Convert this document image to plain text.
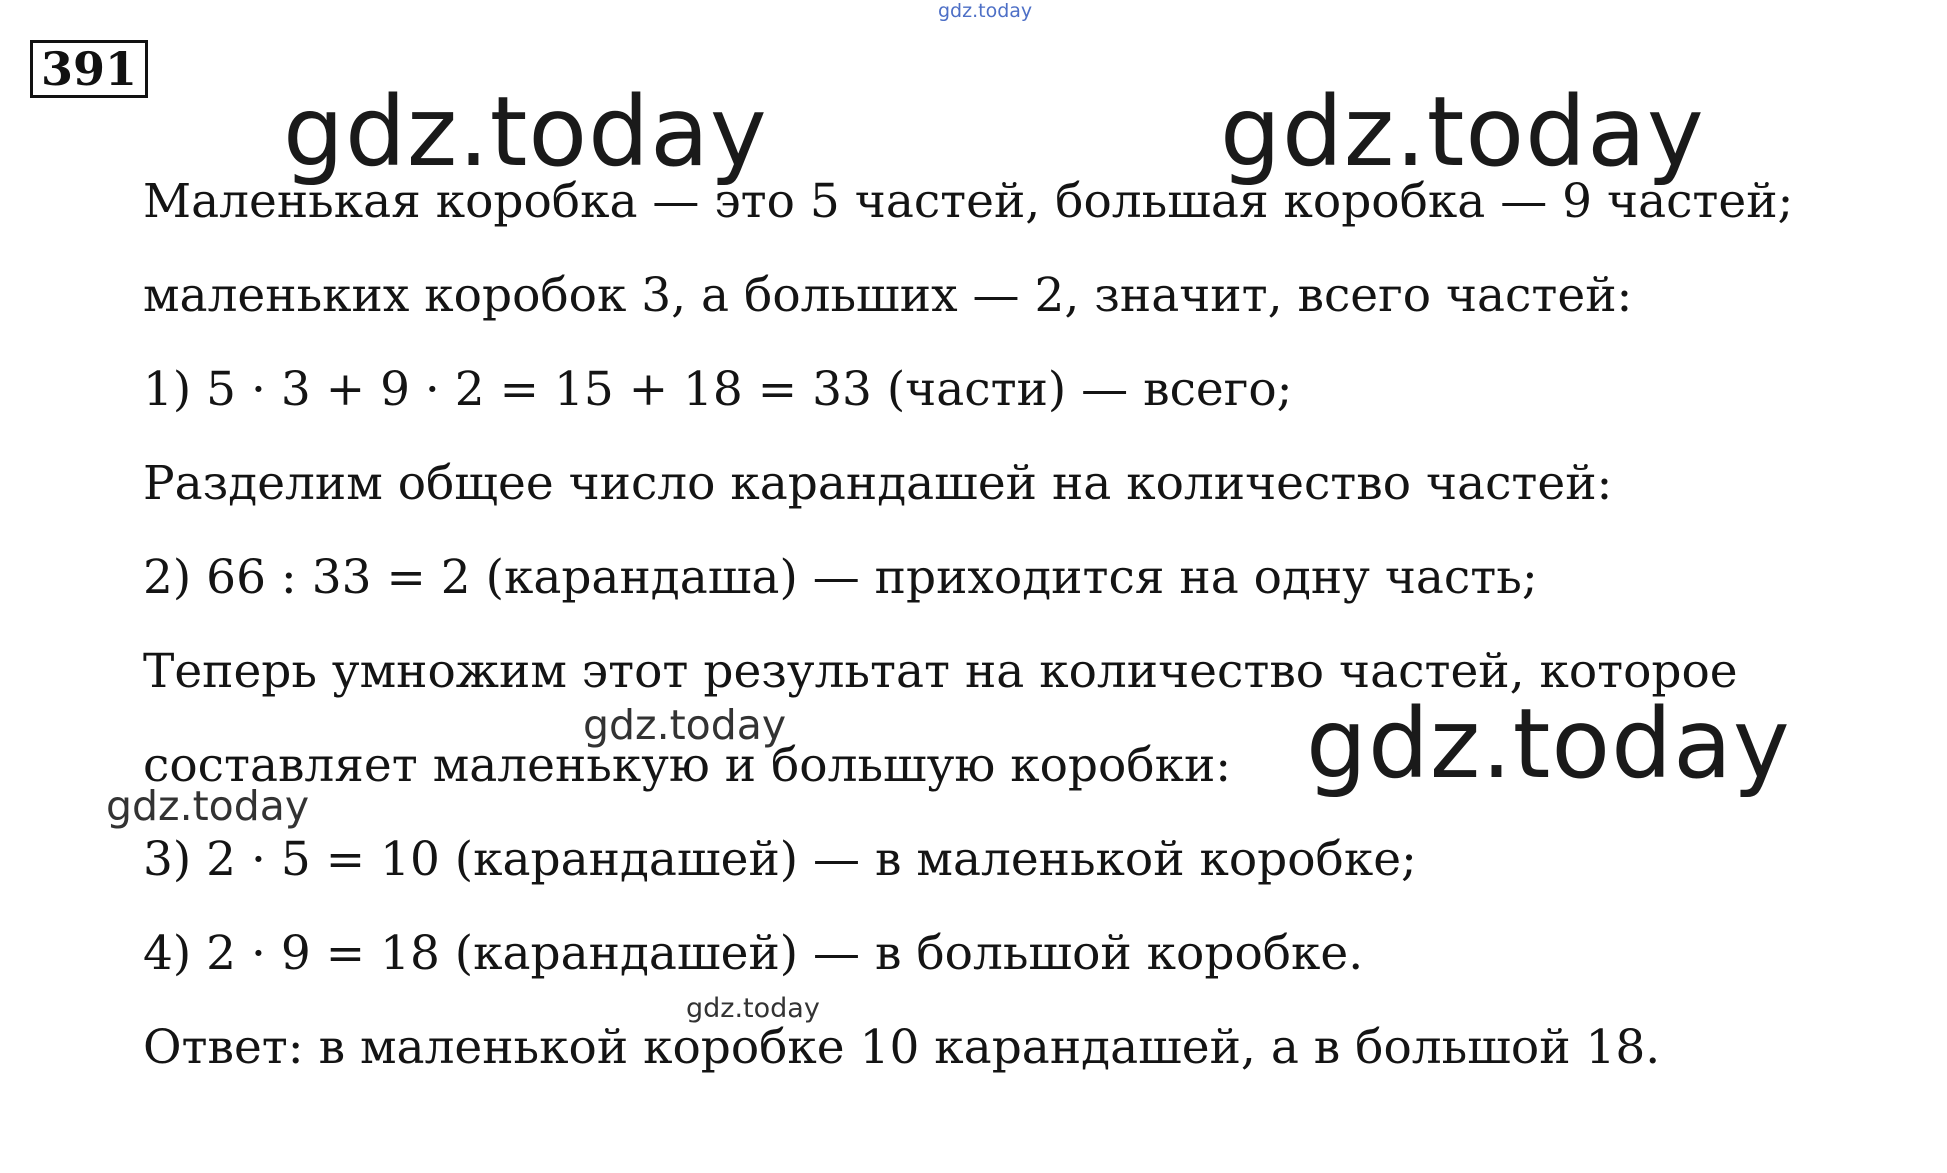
gdz.today
391
gdz.today	gdz.today
Маленькая коробка — это 5 частей, большая коробка — 9 частей;
маленьких коробок 3, а больших — 2, значит, всего частей:
1) 5 · 3 + 9 · 2 = 15 + 18 = 33 (части) — всего;
Разделим общее число карандашей на количество частей:
2) 66 : 33 = 2 (карандаша) — приходится на одну часть;
Теперь умножим этот результат на количество частей, которое
составляет маленькую и большую коробки:
3) 2 · 5 = 10 (карандашей) — в маленькой коробке;
4) 2 · 9 = 18 (карандашей) — в большой коробке.
Ответ: в маленькой коробке 10 карандашей, а в большой 18.
gdz.today
gdz.today
gdz.today
gdz.today
